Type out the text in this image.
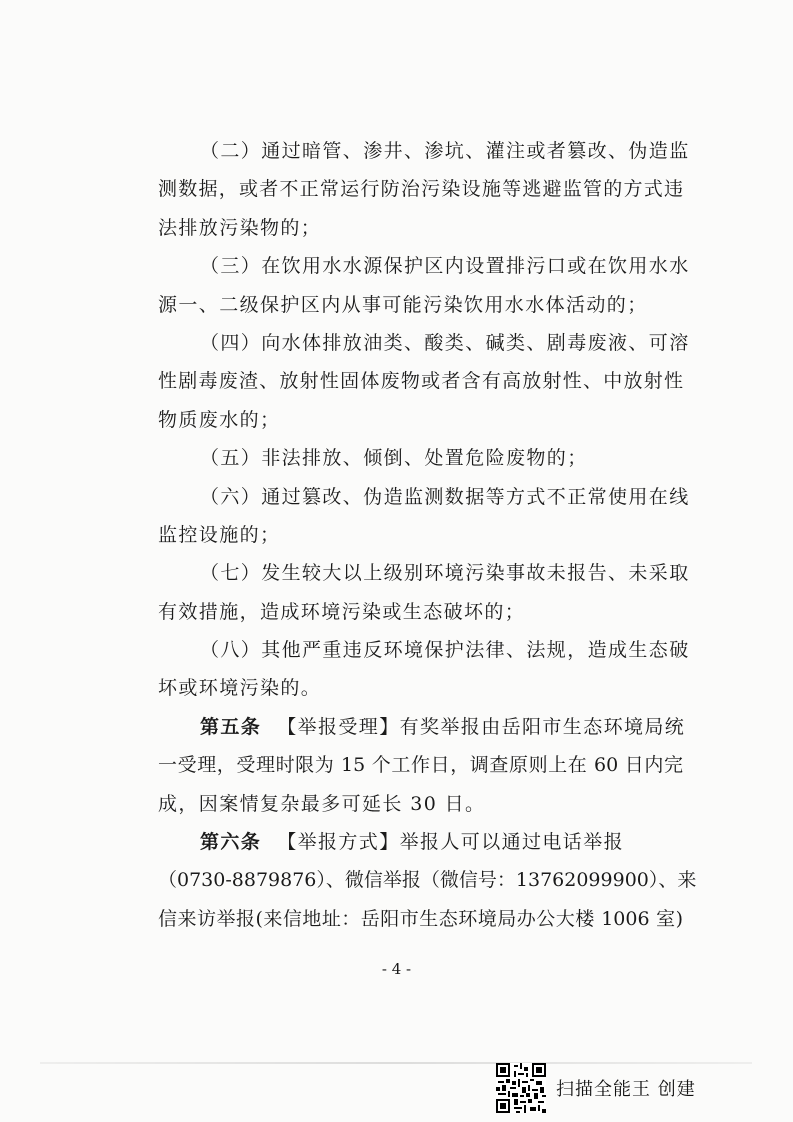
（二）通过暗管、渗井、渗坑、灌注或者篡改、伪造监
测数据，或者不正常运行防治污染设施等逃避监管的方式违
法排放污染物的；
（三）在饮用水水源保护区内设置排污口或在饮用水水
源一、二级保护区内从事可能污染饮用水水体活动的；
（四）向水体排放油类、酸类、碱类、剧毒废液、可溶
性剧毒废渣、放射性固体废物或者含有高放射性、中放射性
物质废水的；
（五）非法排放、倾倒、处置危险废物的；
（六）通过篡改、伪造监测数据等方式不正常使用在线
监控设施的；
（七）发生较大以上级别环境污染事故未报告、未采取
有效措施，造成环境污染或生态破坏的；
（八）其他严重违反环境保护法律、法规，造成生态破
坏或环境污染的。
第五条 【举报受理】有奖举报由岳阳市生态环境局统
一受理，受理时限为 15 个工作日，调查原则上在 60 日内完
成，因案情复杂最多可延长 30 日。
第六条 【举报方式】举报人可以通过电话举报
（0730-8879876）、微信举报（微信号：13762099900）、来
信来访举报(来信地址：岳阳市生态环境局办公大楼 1006 室)
- 4 -
扫描全能王 创建
